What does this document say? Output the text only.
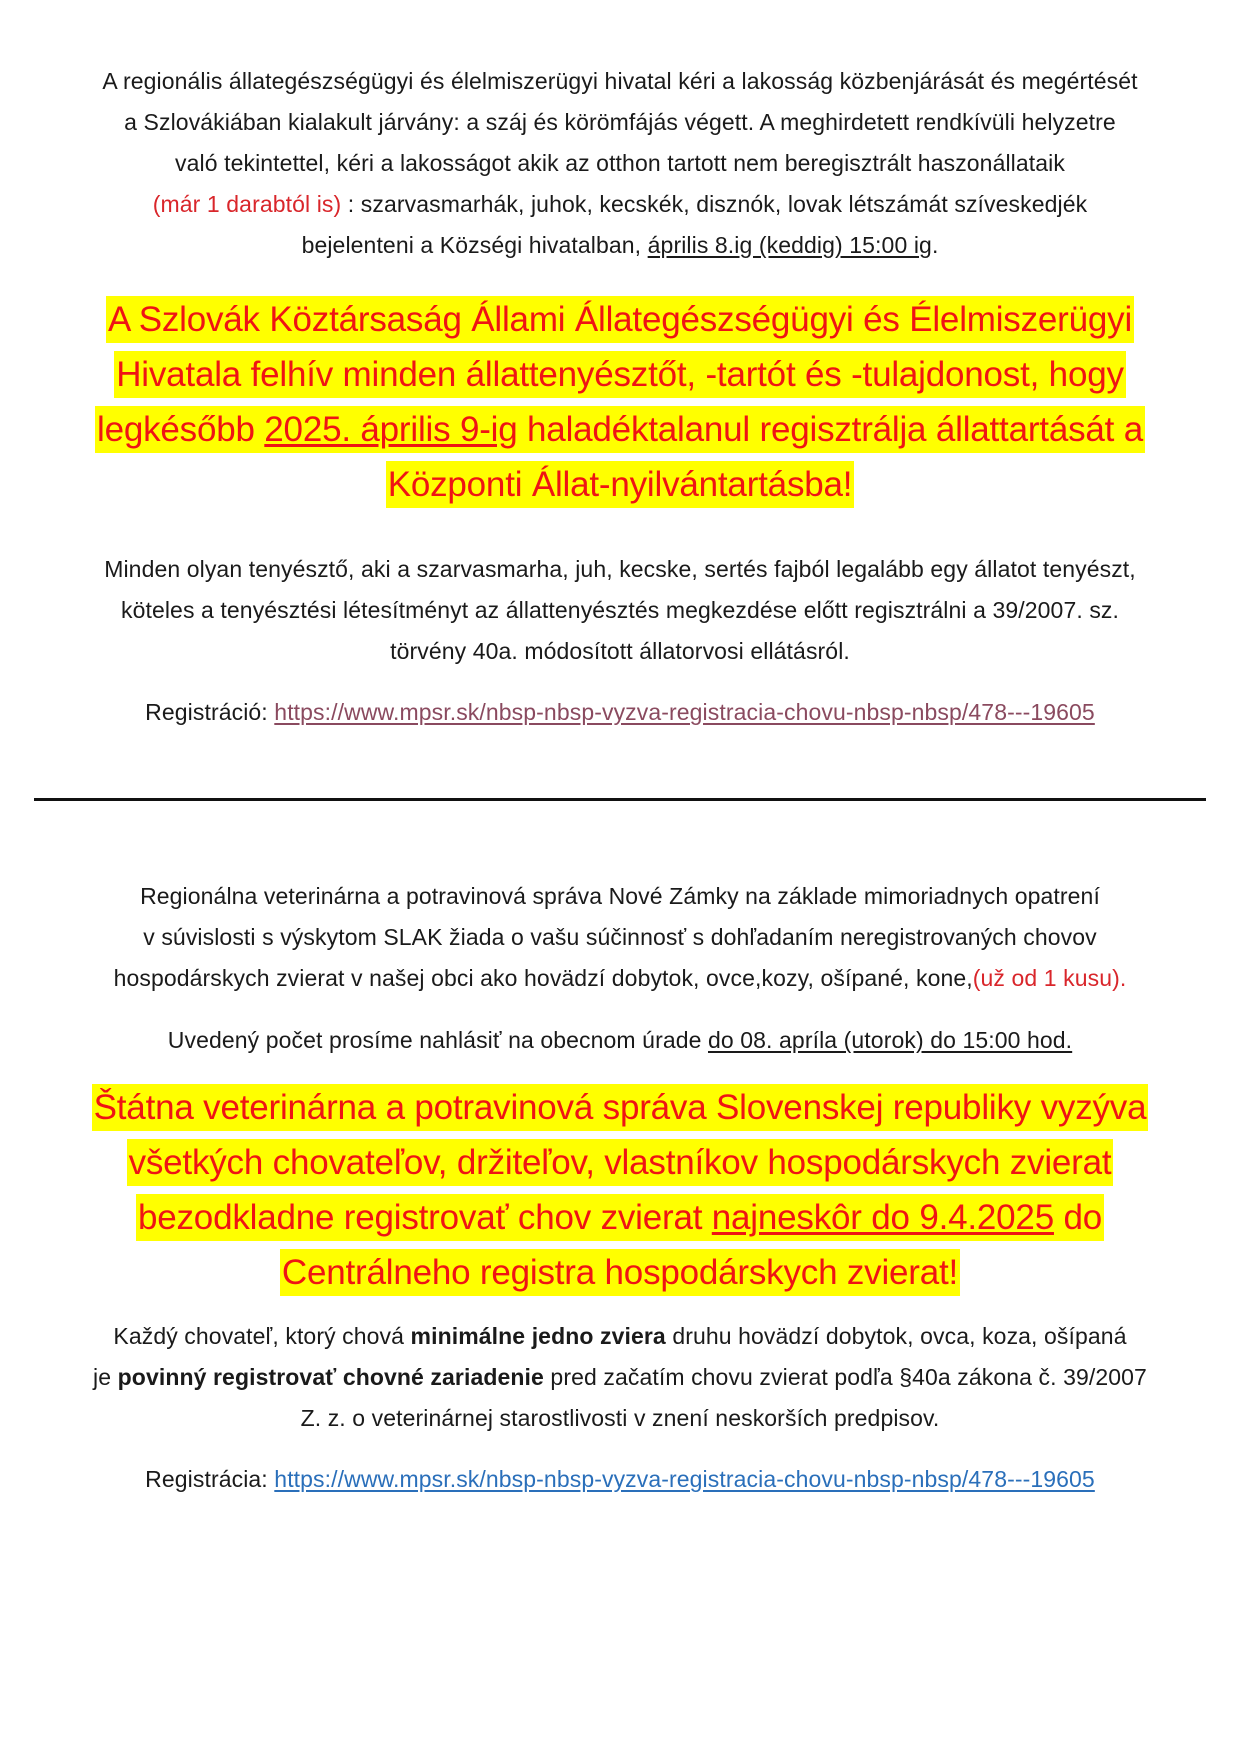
A regionális állategészségügyi és élelmiszerügyi hivatal kéri a lakosság közbenjárását és megértését
a Szlovákiában kialakult járvány: a száj és körömfájás végett. A meghirdetett rendkívüli helyzetre
való tekintettel, kéri a lakosságot akik az otthon tartott nem beregisztrált haszonállataik
(már 1 darabtól is) : szarvasmarhák, juhok, kecskék, disznók, lovak létszámát szíveskedjék
bejelenteni a Községi hivatalban, április 8.ig (keddig) 15:00 ig.
A Szlovák Köztársaság Állami Állategészségügyi és Élelmiszerügyi Hivatala felhív minden állattenyésztőt, -tartót és -tulajdonost, hogy legkésőbb 2025. április 9-ig haladéktalanul regisztrálja állattartását a Központi Állat-nyilvántartásba!
Minden olyan tenyésztő, aki a szarvasmarha, juh, kecske, sertés fajból legalább egy állatot tenyészt,
köteles a tenyésztési létesítményt az állattenyésztés megkezdése előtt regisztrálni a 39/2007. sz.
törvény 40a. módosított állatorvosi ellátásról.
Registráció: https://www.mpsr.sk/nbsp-nbsp-vyzva-registracia-chovu-nbsp-nbsp/478---19605
Regionálna veterinárna a potravinová správa Nové Zámky na základe mimoriadnych opatrení
v súvislosti s výskytom SLAK žiada o vašu súčinnosť s dohľadaním neregistrovaných chovov
hospodárskych zvierat v našej obci ako hovädzí dobytok, ovce,kozy, ošípané, kone,(už od 1 kusu).
Uvedený počet prosíme nahlásiť na obecnom úrade do 08. apríla (utorok) do 15:00 hod.
Štátna veterinárna a potravinová správa Slovenskej republiky vyzýva všetkých chovateľov, držiteľov, vlastníkov hospodárskych zvierat bezodkladne registrovať chov zvierat najneskôr do 9.4.2025 do Centrálneho registra hospodárskych zvierat!
Každý chovateľ, ktorý chová minimálne jedno zviera druhu hovädzí dobytok, ovca, koza, ošípaná
je povinný registrovať chovné zariadenie pred začatím chovu zvierat podľa §40a zákona č. 39/2007
Z. z. o veterinárnej starostlivosti v znení neskorších predpisov.
Registrácia: https://www.mpsr.sk/nbsp-nbsp-vyzva-registracia-chovu-nbsp-nbsp/478---19605
